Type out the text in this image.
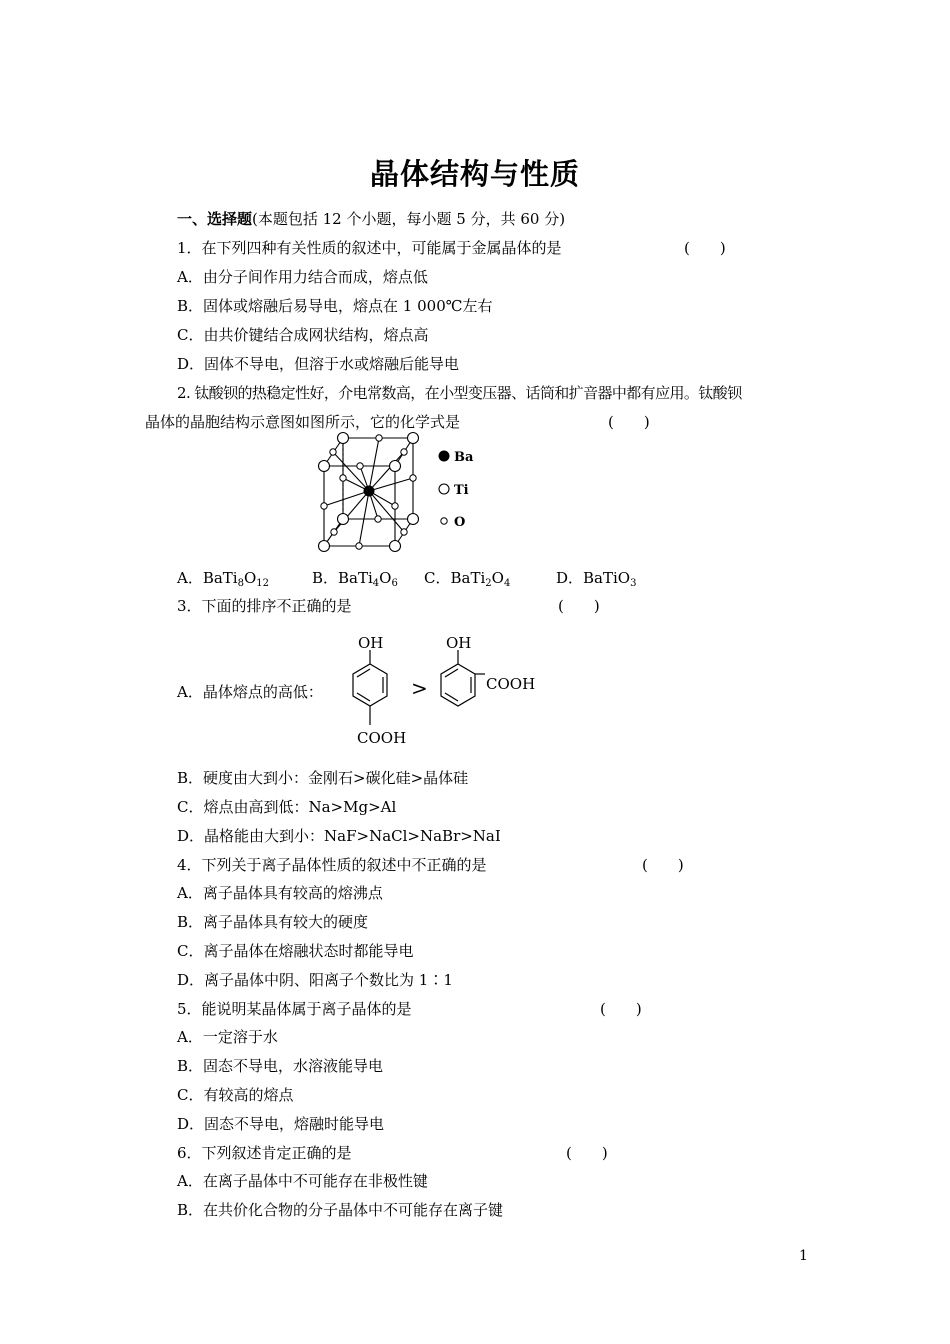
晶体结构与性质
一、选择题(本题包括 12 个小题，每小题 5 分，共 60 分)
1．在下列四种有关性质的叙述中，可能属于金属晶体的是	(　　)
A．由分子间作用力结合而成，熔点低
B．固体或熔融后易导电，熔点在 1 000℃左右
C．由共价键结合成网状结构，熔点高
D．固体不导电，但溶于水或熔融后能导电
2. 钛酸钡的热稳定性好，介电常数高，在小型变压器、话筒和扩音器中都有应用。钛酸钡
晶体的晶胞结构示意图如图所示，它的化学式是	(　　)
Ba
Ti
O
A．$BaTi_8O_{12}$	B．$BaTi_4O_6$ C．$BaTi_2O_4$	D．BaTiO$_3$
3．下面的排序不正确的是	(　　)
A．晶体熔点的高低：
OH
COOH
>
OH
COOH
B．硬度由大到小：金刚石>碳化硅>晶体硅
C．熔点由高到低：Na>Mg>Al
D．晶格能由大到小：NaF>NaCl>NaBr>NaI
4．下列关于离子晶体性质的叙述中不正确的是	(　　)
A．离子晶体具有较高的熔沸点
B．离子晶体具有较大的硬度
C．离子晶体在熔融状态时都能导电
D．离子晶体中阴、阳离子个数比为 1∶1
5．能说明某晶体属于离子晶体的是	(　　)
A．一定溶于水
B．固态不导电，水溶液能导电
C．有较高的熔点
D．固态不导电，熔融时能导电
6．下列叙述肯定正确的是	(　　)
A．在离子晶体中不可能存在非极性键
B．在共价化合物的分子晶体中不可能存在离子键
1
